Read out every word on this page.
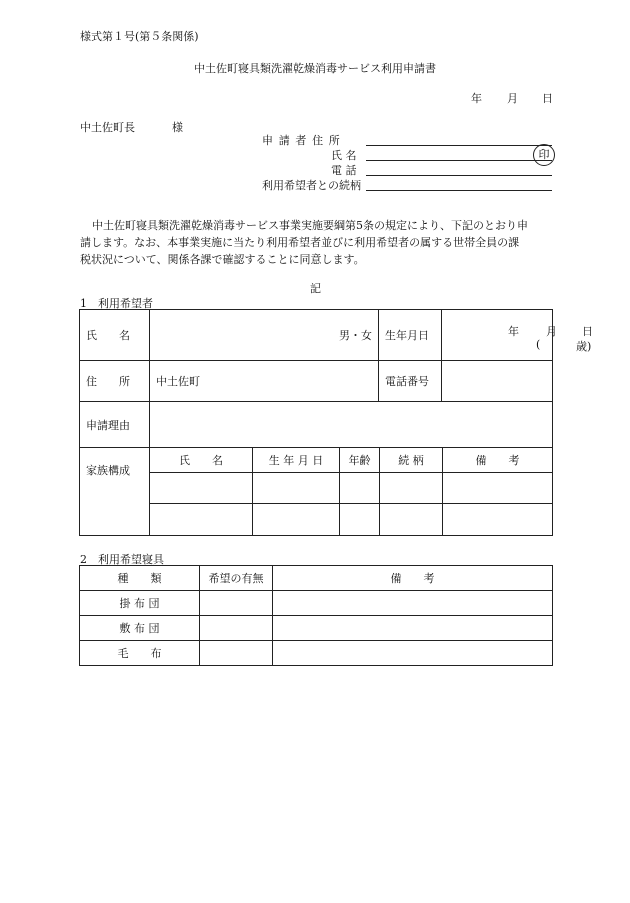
様式第１号(第５条関係)
中土佐町寝具類洗濯乾燥消毒サービス利用申請書
年 月 日
中土佐町長	様
申 請 者 住 所
氏 名	印
電 話
利用希望者との続柄
中土佐町寝具類洗濯乾燥消毒サービス事業実施要綱第5条の規定により、下記のとおり申
請します。なお、本事業実施に当たり利用希望者並びに利用希望者の属する世帯全員の課
税状況について、関係各課で確認することに同意します。
記
1　利用希望者
氏　　名	男・女	生年月日	年 月 日
( 歳)

住　　所	中土佐町	電話番号	
申請理由			
家族構成	氏　　名	生 年 月 日	年齢	続 柄	備　　考

2　利用希望寝具
種　　類	希望の有無	備　　考
掛 布 団		
敷 布 団		
毛　　布		
